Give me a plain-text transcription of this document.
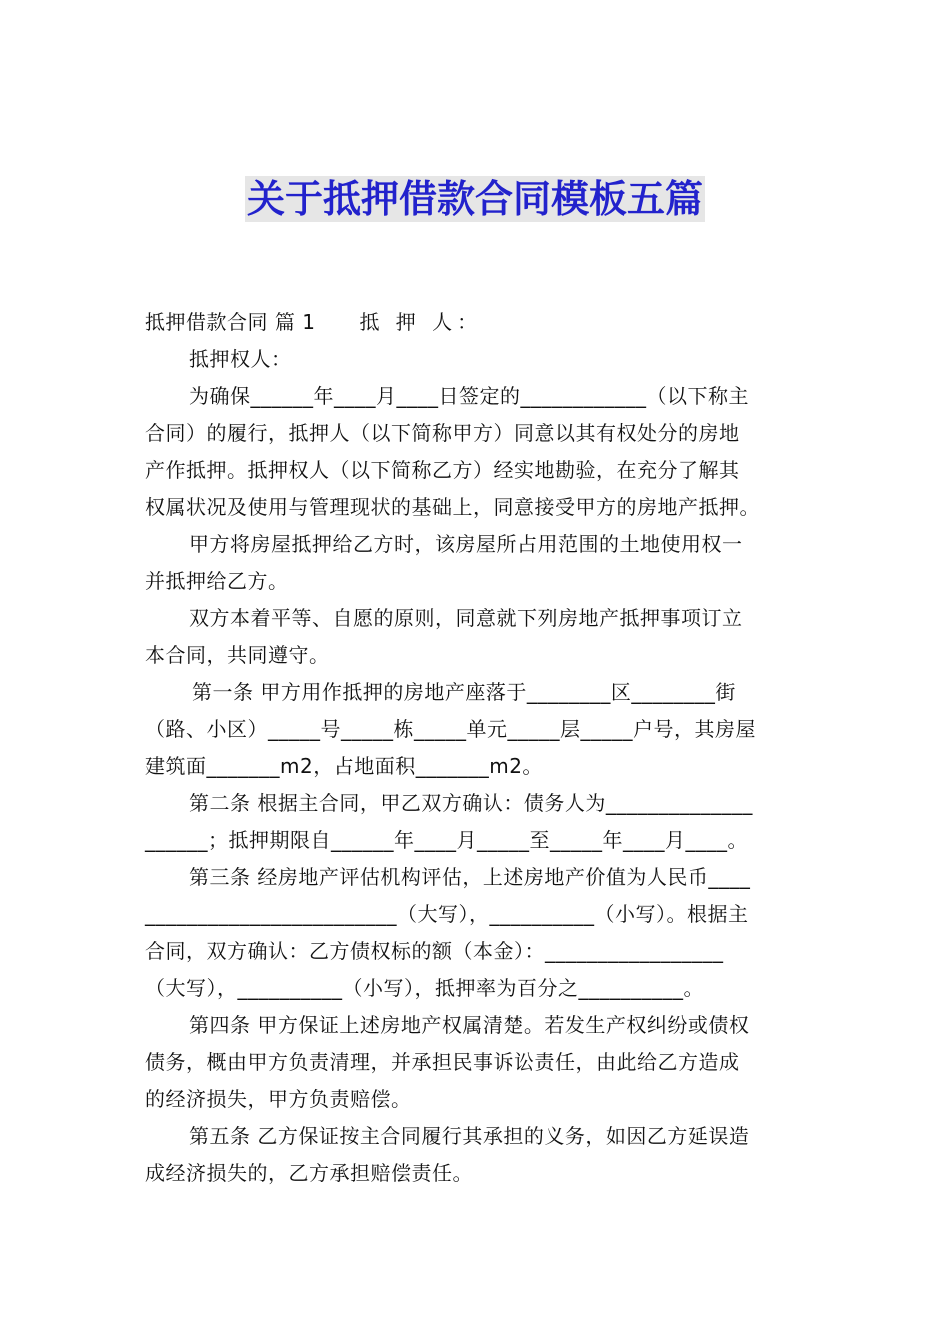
关于抵押借款合同模板五篇
抵押借款合同 篇 1 抵 押 人：
抵押权人：
为确保______年____月____日签定的____________（以下称主
合同）的履行，抵押人（以下简称甲方）同意以其有权处分的房地
产作抵押。抵押权人（以下简称乙方）经实地勘验，在充分了解其
权属状况及使用与管理现状的基础上，同意接受甲方的房地产抵押。
甲方将房屋抵押给乙方时，该房屋所占用范围的土地使用权一
并抵押给乙方。
双方本着平等、自愿的原则，同意就下列房地产抵押事项订立
本合同，共同遵守。
第一条 甲方用作抵押的房地产座落于________区________街
（路、小区）_____号_____栋_____单元_____层_____户号，其房屋
建筑面_______m2，占地面积_______m2。
第二条 根据主合同，甲乙双方确认：债务人为______________
______；抵押期限自______年____月_____至_____年____月____。
第三条 经房地产评估机构评估，上述房地产价值为人民币____
________________________（大写），__________（小写）。根据主
合同，双方确认：乙方债权标的额（本金）：_________________
（大写），__________（小写），抵押率为百分之__________。
第四条 甲方保证上述房地产权属清楚。若发生产权纠纷或债权
债务，概由甲方负责清理，并承担民事诉讼责任，由此给乙方造成
的经济损失，甲方负责赔偿。
第五条 乙方保证按主合同履行其承担的义务，如因乙方延误造
成经济损失的，乙方承担赔偿责任。
